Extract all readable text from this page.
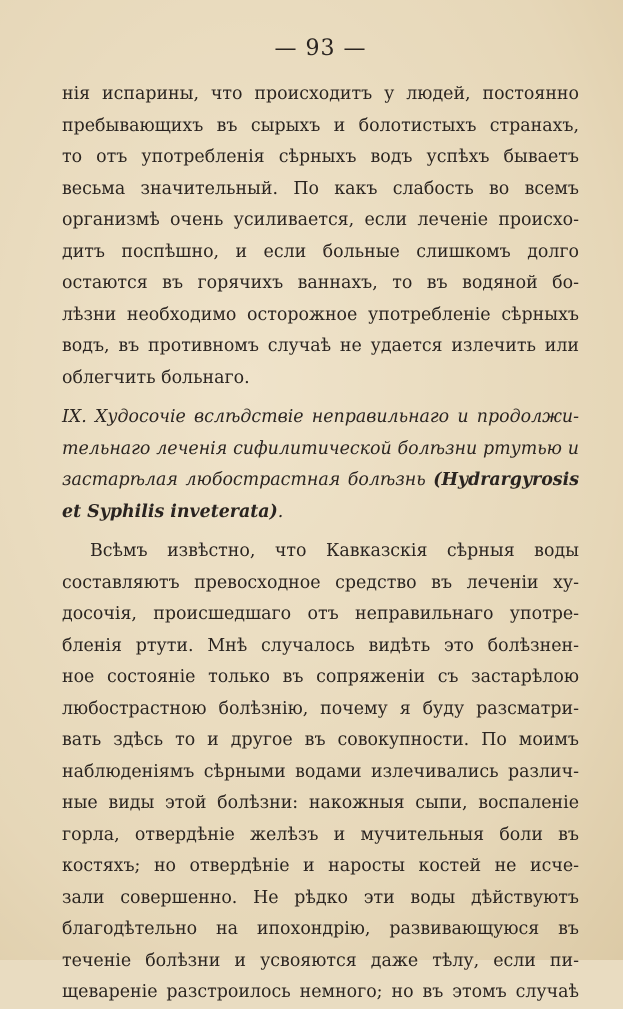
— 93 —
нія испарины, что происходитъ у людей, постоянно
пребывающихъ въ сырыхъ и болотистыхъ странахъ,
то отъ употребленія сѣрныхъ водъ успѣхъ бываетъ
весьма значительный. По какъ слабость во всемъ
организмѣ очень усиливается, если леченіе происхо-
дитъ поспѣшно, и если больные слишкомъ долго
остаются въ горячихъ ваннахъ, то въ водяной бо-
лѣзни необходимо осторожное употребленіе сѣрныхъ
водъ, въ противномъ случаѣ не удается излечить или
облегчить больнаго.
IX. Худосочіе вслѣдствіе неправильнаго и продолжи-
тельнаго леченія сифилитической болѣзни ртутью и
застарѣлая любострастная болѣзнь (Hydrargyrosis
et Syphilis inveterata).
Всѣмъ извѣстно, что Кавказскія сѣрныя воды
составляютъ превосходное средство въ леченіи ху-
досочія, происшедшаго отъ неправильнаго употре-
бленія ртути. Мнѣ случалось видѣть это болѣзнен-
ное состояніе только въ сопряженіи съ застарѣлою
любострастною болѣзнію, почему я буду разсматри-
вать здѣсь то и другое въ совокупности. По моимъ
наблюденіямъ сѣрными водами излечивались различ-
ные виды этой болѣзни: накожныя сыпи, воспаленіе
горла, отвердѣніе желѣзъ и мучительныя боли въ
костяхъ; но отвердѣніе и наросты костей не исче-
зали совершенно. Не рѣдко эти воды дѣйствуютъ
благодѣтельно на ипохондрію, развивающуюся въ
теченіе болѣзни и усвояются даже тѣлу, если пи-
щевареніе разстроилось немного; но въ этомъ случаѣ
